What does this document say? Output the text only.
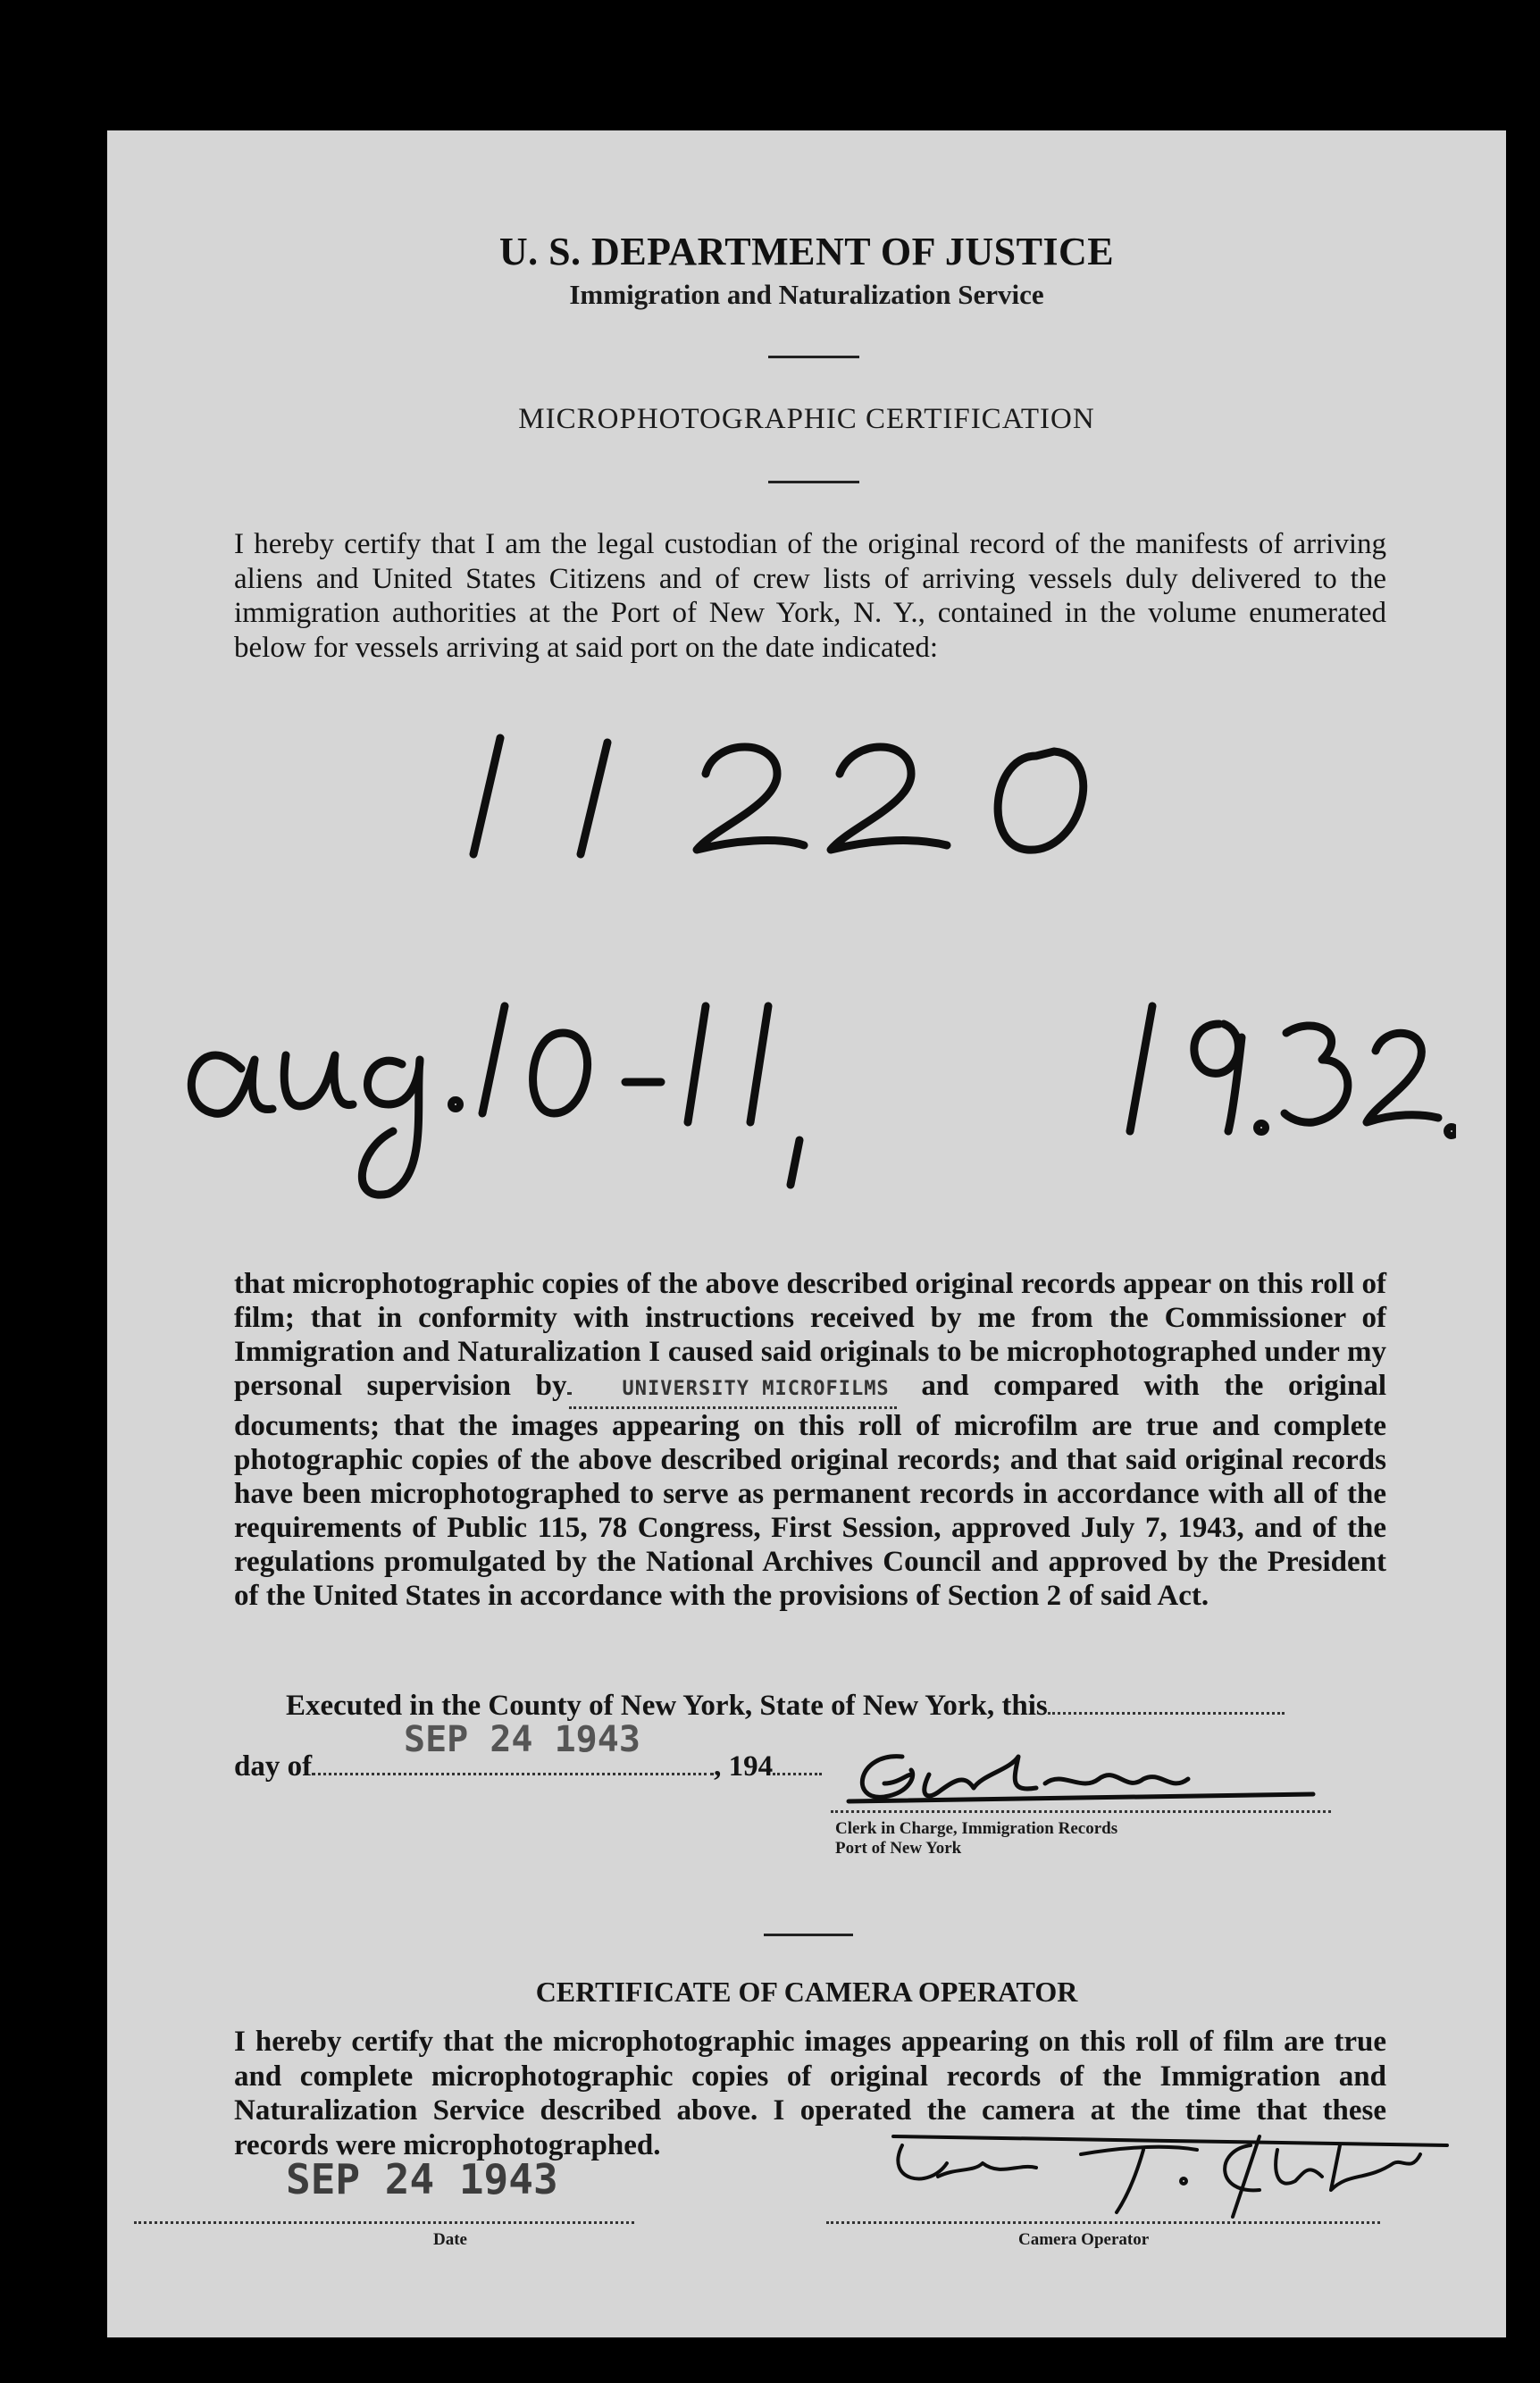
U. S. DEPARTMENT OF JUSTICE
Immigration and Naturalization Service
MICROPHOTOGRAPHIC CERTIFICATION
I hereby certify that I am the legal custodian of the original record of the manifests of arriving aliens and United States Citizens and of crew lists of arriving vessels duly delivered to the immigration authorities at the Port of New York, N. Y., contained in the volume enumerated below for vessels arriving at said port on the date indicated:
that microphotographic copies of the above described original records appear on this roll of film; that in conformity with instructions received by me from the Commissioner of Immigration and Naturalization I caused said originals to be microphotographed under my personal supervision by	UNIVERSITY MICROFILMS and compared with the original documents; that the images appearing on this roll of microfilm are true and complete photographic copies of the above described original records; and that said original records have been microphotographed to serve as permanent records in accordance with all of the requirements of Public 115, 78 Congress, First Session, approved July 7, 1943, and of the regulations promulgated by the National Archives Council and approved by the President of the United States in accordance with the provisions of Section 2 of said Act.
Executed in the County of New York, State of New York, this
day of	, 194
SEP 24 1943
Clerk in Charge, Immigration Records
Port of New York
CERTIFICATE OF CAMERA OPERATOR
I hereby certify that the microphotographic images appearing on this roll of film are true and complete microphotographic copies of original records of the Immigration and Naturalization Service described above. I operated the camera at the time that these records were microphotographed.
SEP 24 1943
Date	Camera Operator
